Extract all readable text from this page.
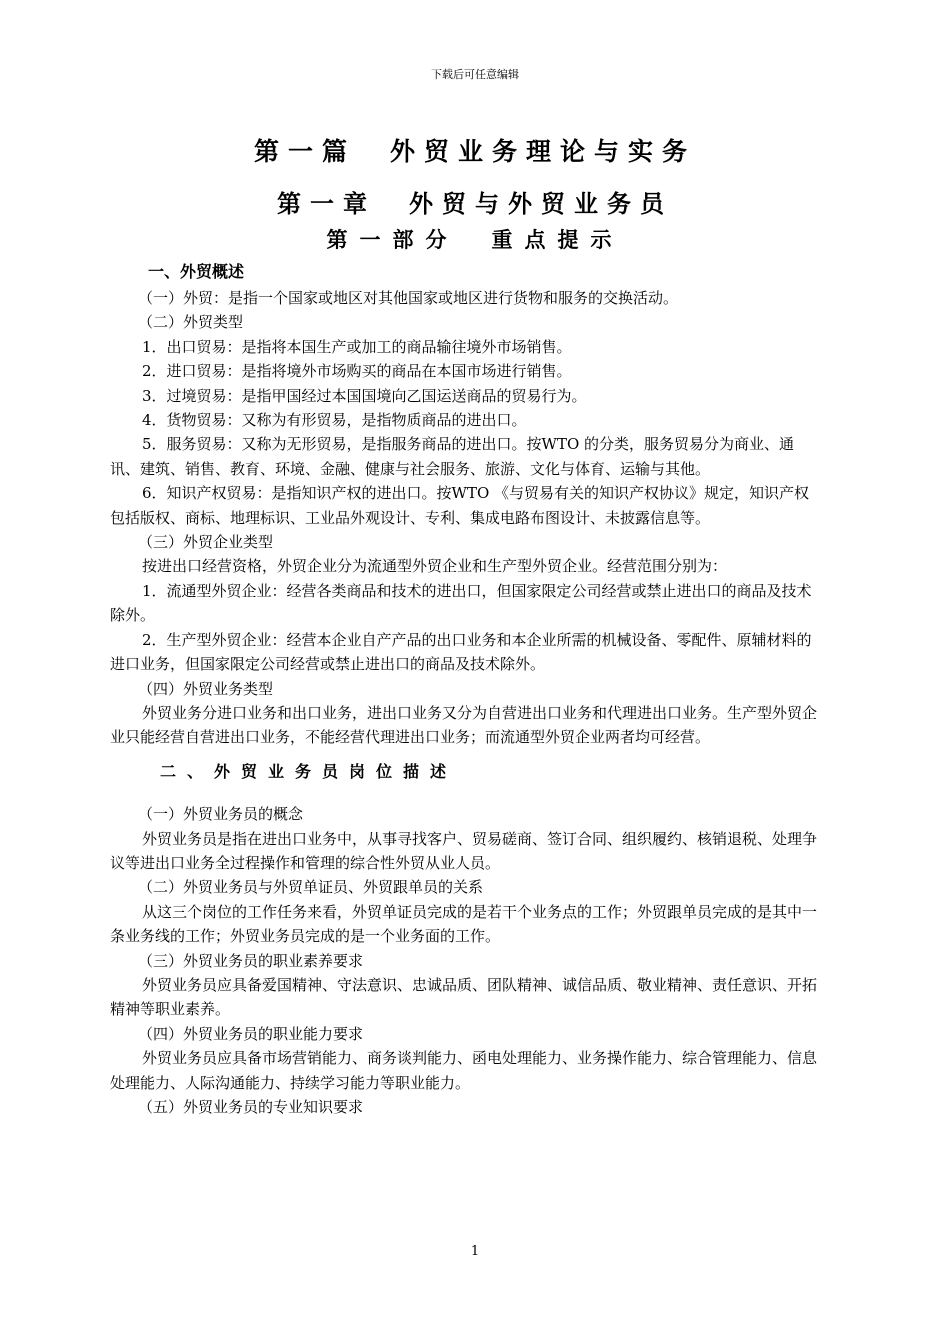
下载后可任意编辑
第一篇　外贸业务理论与实务
第一章　外贸与外贸业务员
第一部分　重点提示

一、外贸概述

（一）外贸：是指一个国家或地区对其他国家或地区进行货物和服务的交换活动。

（二）外贸类型

1．出口贸易：是指将本国生产或加工的商品输往境外市场销售。

2．进口贸易：是指将境外市场购买的商品在本国市场进行销售。

3．过境贸易：是指甲国经过本国国境向乙国运送商品的贸易行为。

4．货物贸易：又称为有形贸易，是指物质商品的进出口。

5．服务贸易：又称为无形贸易，是指服务商品的进出口。按WTO 的分类，服务贸易分为商业、通讯、建筑、销售、教育、环境、金融、健康与社会服务、旅游、文化与体育、运输与其他。

6．知识产权贸易：是指知识产权的进出口。按WTO 《与贸易有关的知识产权协议》规定，知识产权包括版权、商标、地理标识、工业品外观设计、专利、集成电路布图设计、未披露信息等。

（三）外贸企业类型

按进出口经营资格，外贸企业分为流通型外贸企业和生产型外贸企业。经营范围分别为：

1．流通型外贸企业：经营各类商品和技术的进出口，但国家限定公司经营或禁止进出口的商品及技术除外。

2．生产型外贸企业：经营本企业自产产品的出口业务和本企业所需的机械设备、零配件、原辅材料的进口业务，但国家限定公司经营或禁止进出口的商品及技术除外。

（四）外贸业务类型

外贸业务分进口业务和出口业务，进出口业务又分为自营进出口业务和代理进出口业务。生产型外贸企业只能经营自营进出口业务，不能经营代理进出口业务；而流通型外贸企业两者均可经营。

二、外贸业务员岗位描述

（一）外贸业务员的概念

外贸业务员是指在进出口业务中，从事寻找客户、贸易磋商、签订合同、组织履约、核销退税、处理争议等进出口业务全过程操作和管理的综合性外贸从业人员。

（二）外贸业务员与外贸单证员、外贸跟单员的关系

从这三个岗位的工作任务来看，外贸单证员完成的是若干个业务点的工作；外贸跟单员完成的是其中一条业务线的工作；外贸业务员完成的是一个业务面的工作。

（三）外贸业务员的职业素养要求

外贸业务员应具备爱国精神、守法意识、忠诚品质、团队精神、诚信品质、敬业精神、责任意识、开拓精神等职业素养。

（四）外贸业务员的职业能力要求

外贸业务员应具备市场营销能力、商务谈判能力、函电处理能力、业务操作能力、综合管理能力、信息处理能力、人际沟通能力、持续学习能力等职业能力。

（五）外贸业务员的专业知识要求

1
